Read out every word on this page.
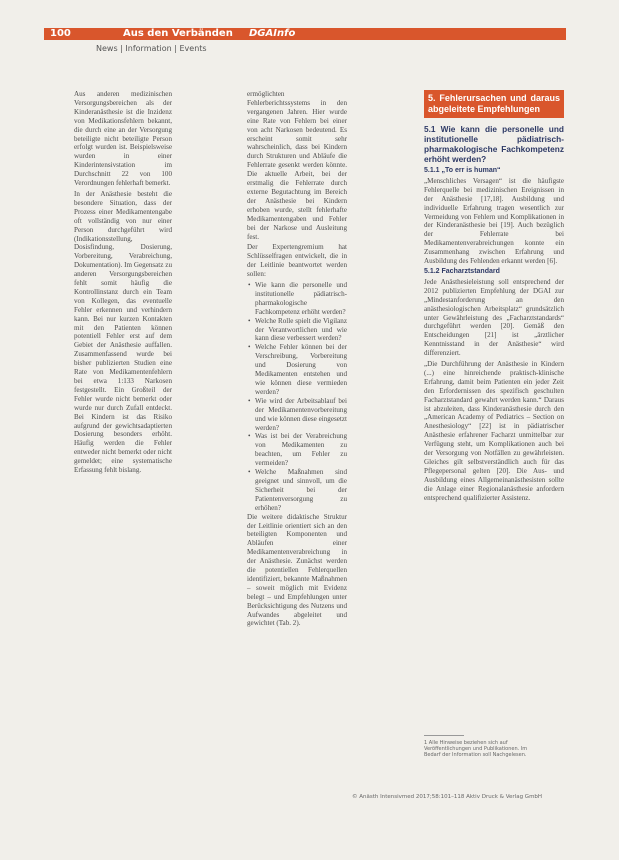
100	Aus den Verbänden DGAInfo
News | Information | Events

Aus anderen medizinischen Versorgungsbereichen als der Kinderanästhesie ist die Inzidenz von Medikationsfehlern bekannt, die durch eine an der Versorgung beteiligte nicht beteiligte Person erfolgt wurden ist. Beispielsweise wurden in einer Kinderintensivstation im Durchschnitt 22 von 100 Verordnungen fehlerhaft bemerkt.

In der Anästhesie besteht die besondere Situation, dass der Prozess einer Medikamentengabe oft vollständig von nur einer Person durchgeführt wird (Indikationsstellung, Dosisfindung, Dosierung, Vorbereitung, Verabreichung, Dokumentation). Im Gegensatz zu anderen Versorgungsbereichen fehlt somit häufig die Kontrollinstanz durch ein Team von Kollegen, das eventuelle Fehler erkennen und verhindern kann. Bei nur kurzen Kontakten mit den Patienten können potentiell Fehler erst auf dem Gebiet der Anästhesie auffallen. Zusammenfassend wurde bei bisher publizierten Studien eine Rate von Medikamentenfehlern bei etwa 1:133 Narkosen festgestellt. Ein Großteil der Fehler wurde nicht bemerkt oder wurde nur durch Zufall entdeckt. Bei Kindern ist das Risiko aufgrund der gewichtsadaptierten Dosierung besonders erhöht. Häufig werden die Fehler entweder nicht bemerkt oder nicht gemeldet; eine systematische Erfassung fehlt bislang.

ermöglichten Fehlerberichtssystems in den vergangenen Jahren. Hier wurde eine Rate von Fehlern bei einer von acht Narkosen bedeutend. Es erscheint somit sehr wahrscheinlich, dass bei Kindern durch Strukturen und Abläufe die Fehlerrate gesenkt werden könnte. Die aktuelle Arbeit, bei der erstmalig die Fehlerrate durch externe Begutachtung im Bereich der Anästhesie bei Kindern erhoben wurde, stellt fehlerhafte Medikamentengaben und Fehler bei der Narkose und Ausleitung fest.

Der Expertengremium hat Schlüsselfragen entwickelt, die in der Leitlinie beantwortet werden sollen:

• Wie kann die personelle und institutionelle pädiatrisch-pharmakologische Fachkompetenz erhöht werden?
• Welche Rolle spielt die Vigilanz der Verantwortlichen und wie kann diese verbessert werden?
• Welche Fehler können bei der Verschreibung, Vorbereitung und Dosierung von Medikamenten entstehen und wie können diese vermieden werden?
• Wie wird der Arbeitsablauf bei der Medikamentenvorbereitung und wie können diese eingesetzt werden?
• Was ist bei der Verabreichung von Medikamenten zu beachten, um Fehler zu vermeiden?
• Welche Maßnahmen sind geeignet und sinnvoll, um die Sicherheit bei der Patientenversorgung zu erhöhen?

Die weitere didaktische Struktur der Leitlinie orientiert sich an den beteiligten Komponenten und Abläufen einer Medikamentenverabreichung in der Anästhesie. Zunächst werden die potentiellen Fehlerquellen identifiziert, bekannte Maßnahmen – soweit möglich mit Evidenz belegt – und Empfehlungen unter Berücksichtigung des Nutzens und Aufwandes abgeleitet und gewichtet (Tab. 2).

5. Fehlerursachen und daraus abgeleitete Empfehlungen
5.1 Wie kann die personelle und institutionelle pädiatrisch-pharmakologische Fachkompetenz erhöht werden?
5.1.1 „To err is human“

„Menschliches Versagen“ ist die häufigste Fehlerquelle bei medizinischen Ereignissen in der Anästhesie [17,18]. Ausbildung und individuelle Erfahrung tragen wesentlich zur Vermeidung von Fehlern und Komplikationen in der Kinderanästhesie bei [19]. Auch bezüglich der Fehlerrate bei Medikamentenverabreichungen konnte ein Zusammenhang zwischen Erfahrung und Ausbildung des Fehlenden erkannt werden [6].

5.1.2 Facharztstandard

Jede Anästhesieleistung soll entsprechend der 2012 publizierten Empfehlung der DGAI zur „Mindestanforderung an den anästhesiologischen Arbeitsplatz“ grundsätzlich unter Gewährleistung des „Facharztstandards“ durchgeführt werden [20]. Gemäß den Entscheidungen [21] ist „ärztlicher Kenntnisstand in der Anästhesie“ wird differenziert.

„Die Durchführung der Anästhesie in Kindern (...) eine hinreichende praktisch-klinische Erfahrung, damit beim Patienten ein jeder Zeit den Erfordernissen des spezifisch geschulten Facharztstandard gewahrt werden kann.“ Daraus ist abzuleiten, dass Kinderanästhesie durch den „American Academy of Pediatrics – Section on Anesthesiology“ [22] ist in pädiatrischer Anästhesie erfahrener Facharzt unmittelbar zur Verfügung steht, um Komplikationen auch bei der Versorgung von Notfällen zu gewährleisten. Gleiches gilt selbstverständlich auch für das Pflegepersonal gelten [20]. Die Aus- und Ausbildung eines Allgemeinanästhesisten sollte die Anlage einer Regionalanästhesie anfordern entsprechend qualifizierter Assistenz.

1 Alle Hinweise beziehen sich auf Veröffentlichungen und Publikationen. Im Bedarf der Information soll Nachgelesen.
© Anästh Intensivmed 2017;58:101–118 Aktiv Druck & Verlag GmbH
